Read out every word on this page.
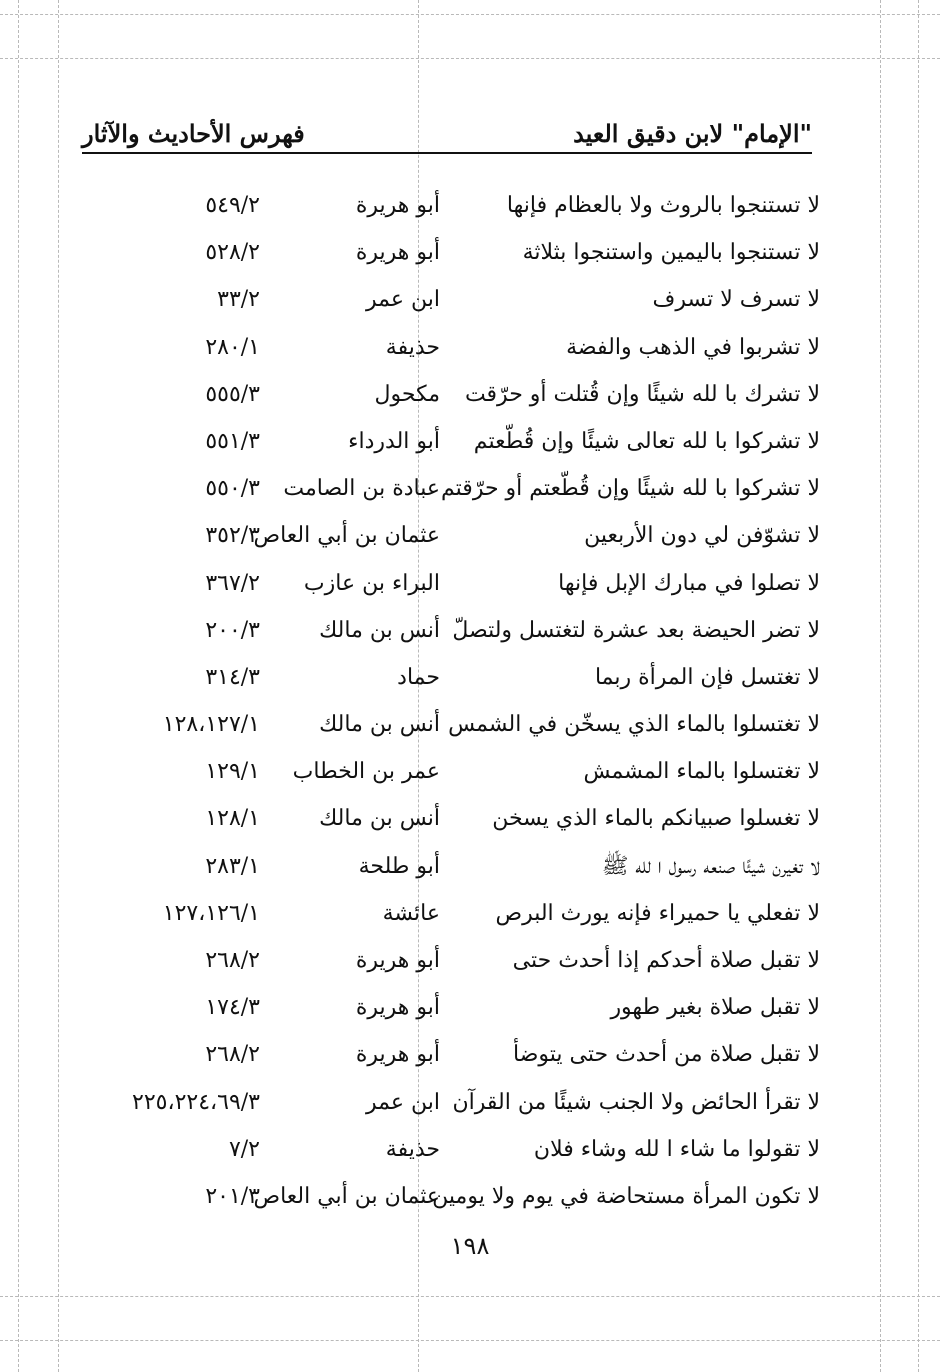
فهرس الأحاديث والآثار	"الإمام" لابن دقيق العيد
لا تستنجوا بالروث ولا بالعظام فإنها
أبو هريرة
٥٤٩/٢
لا تستنجوا باليمين واستنجوا بثلاثة
أبو هريرة
٥٢٨/٢
لا تسرف لا تسرف
ابن عمر
٣٣/٢
لا تشربوا في الذهب والفضة
حذيفة
٢٨٠/١
لا تشرك با لله شيئًا وإن قُتلت أو حرّقت
مكحول
٥٥٥/٣
لا تشركوا با لله تعالى شيئًا وإن قُطّعتم
أبو الدرداء
٥٥١/٣
لا تشركوا با لله شيئًا وإن قُطّعتم أو حرّقتم
عبادة بن الصامت
٥٥٠/٣
لا تشوّفن لي دون الأربعين
عثمان بن أبي العاص
٣٥٢/٣
لا تصلوا في مبارك الإبل فإنها
البراء بن عازب
٣٦٧/٢
لا تضر الحيضة بعد عشرة لتغتسل ولتصلّ
أنس بن مالك
٢٠٠/٣
لا تغتسل فإن المرأة ربما
حماد
٣١٤/٣
لا تغتسلوا بالماء الذي يسخّن في الشمس
أنس بن مالك
١٢٨،١٢٧/١
لا تغتسلوا بالماء المشمش
عمر بن الخطاب
١٢٩/١
لا تغسلوا صبيانكم بالماء الذي يسخن
أنس بن مالك
١٢٨/١
لا تغيرن شيئًا صنعه رسول ا لله ﷺ
أبو طلحة
٢٨٣/١
لا تفعلي يا حميراء فإنه يورث البرص
عائشة
١٢٧،١٢٦/١
لا تقبل صلاة أحدكم إذا أحدث حتى
أبو هريرة
٢٦٨/٢
لا تقبل صلاة بغير طهور
أبو هريرة
١٧٤/٣
لا تقبل صلاة من أحدث حتى يتوضأ
أبو هريرة
٢٦٨/٢
لا تقرأ الحائض ولا الجنب شيئًا من القرآن
ابن عمر
٢٢٥،٢٢٤،٦٩/٣
لا تقولوا ما شاء ا لله وشاء فلان
حذيفة
٧/٢
لا تكون المرأة مستحاضة في يوم ولا يومين
عثمان بن أبي العاص
٢٠١/٣
١٩٨
